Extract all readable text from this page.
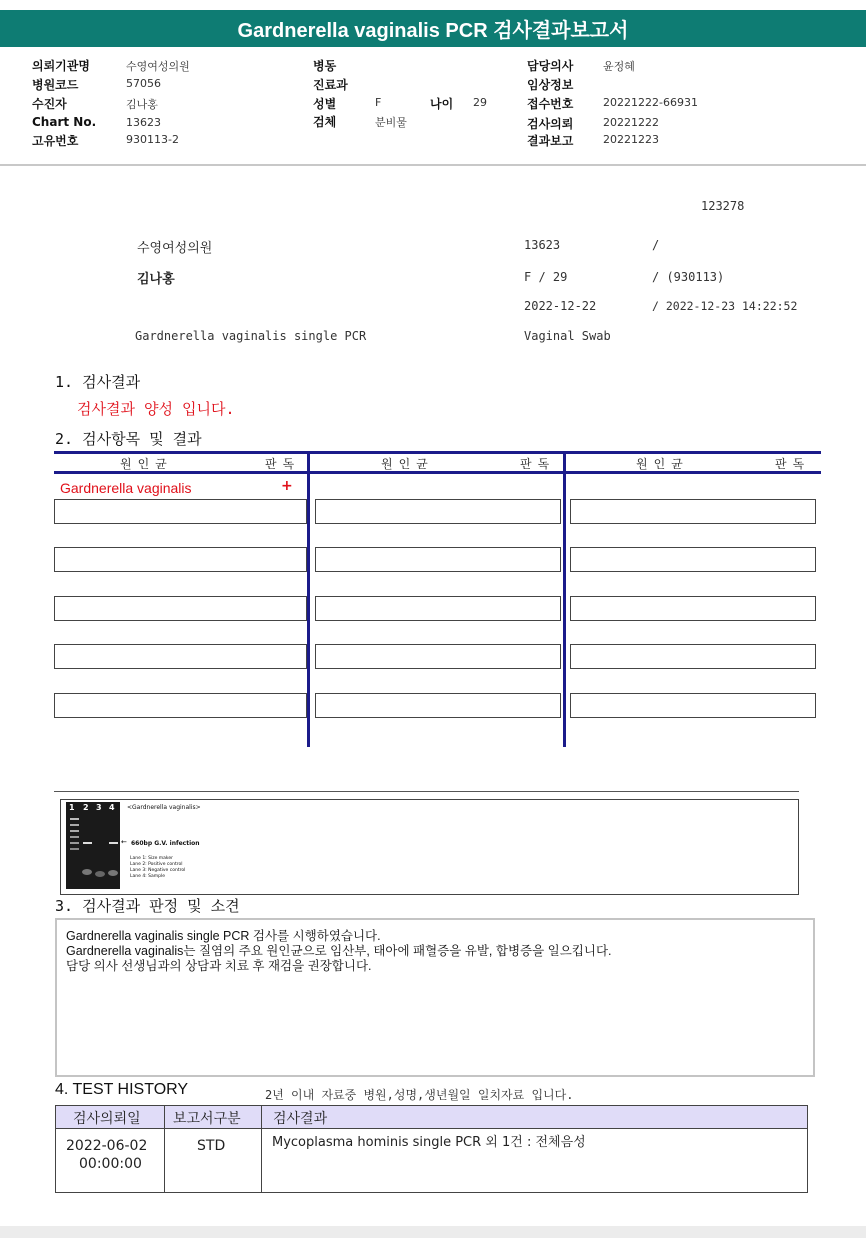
Gardnerella vaginalis PCR 검사결과보고서
의뢰기관명	수영여성의원
병원코드	57056
수진자	김나홍
Chart No.	13623
고유번호	930113-2
병동
진료과
성별	F	나이 29
검체	분비물
담당의사	윤정혜
임상정보
접수번호	20221222-66931
검사의뢰	20221222
결과보고	20221223
123278
수영여성의원	13623	/
김나홍	F / 29	/ (930113)
2022-12-22	/ 2022-12-23 14:22:52
Gardnerella vaginalis single PCR	Vaginal Swab
1. 검사결과
검사결과 양성 입니다.
2. 검사항목 및 결과
원인균	판독	원인균	판독	원인균	판독
Gardnerella vaginalis	+
1 2 3 4 <Gardnerella vaginalis>
← 660bp G.V. infection
Lane 1: Size maker
Lane 2: Positive control
Lane 3: Negative control
Lane 4: Sample
3. 검사결과 판정 및 소견
Gardnerella vaginalis single PCR 검사를 시행하였습니다.
Gardnerella vaginalis는 질염의 주요 원인균으로 임산부, 태아에 패혈증을 유발, 합병증을 일으킵니다.
담당 의사 선생님과의 상담과 치료 후 재검을 권장합니다.
4. TEST HISTORY	2년 이내 자료중 병원,성명,생년월일 일치자료 입니다.
검사의뢰일 보고서구분 검사결과
2022-06-02
00:00:00
STD	Mycoplasma hominis single PCR 외 1건 : 전체음성
